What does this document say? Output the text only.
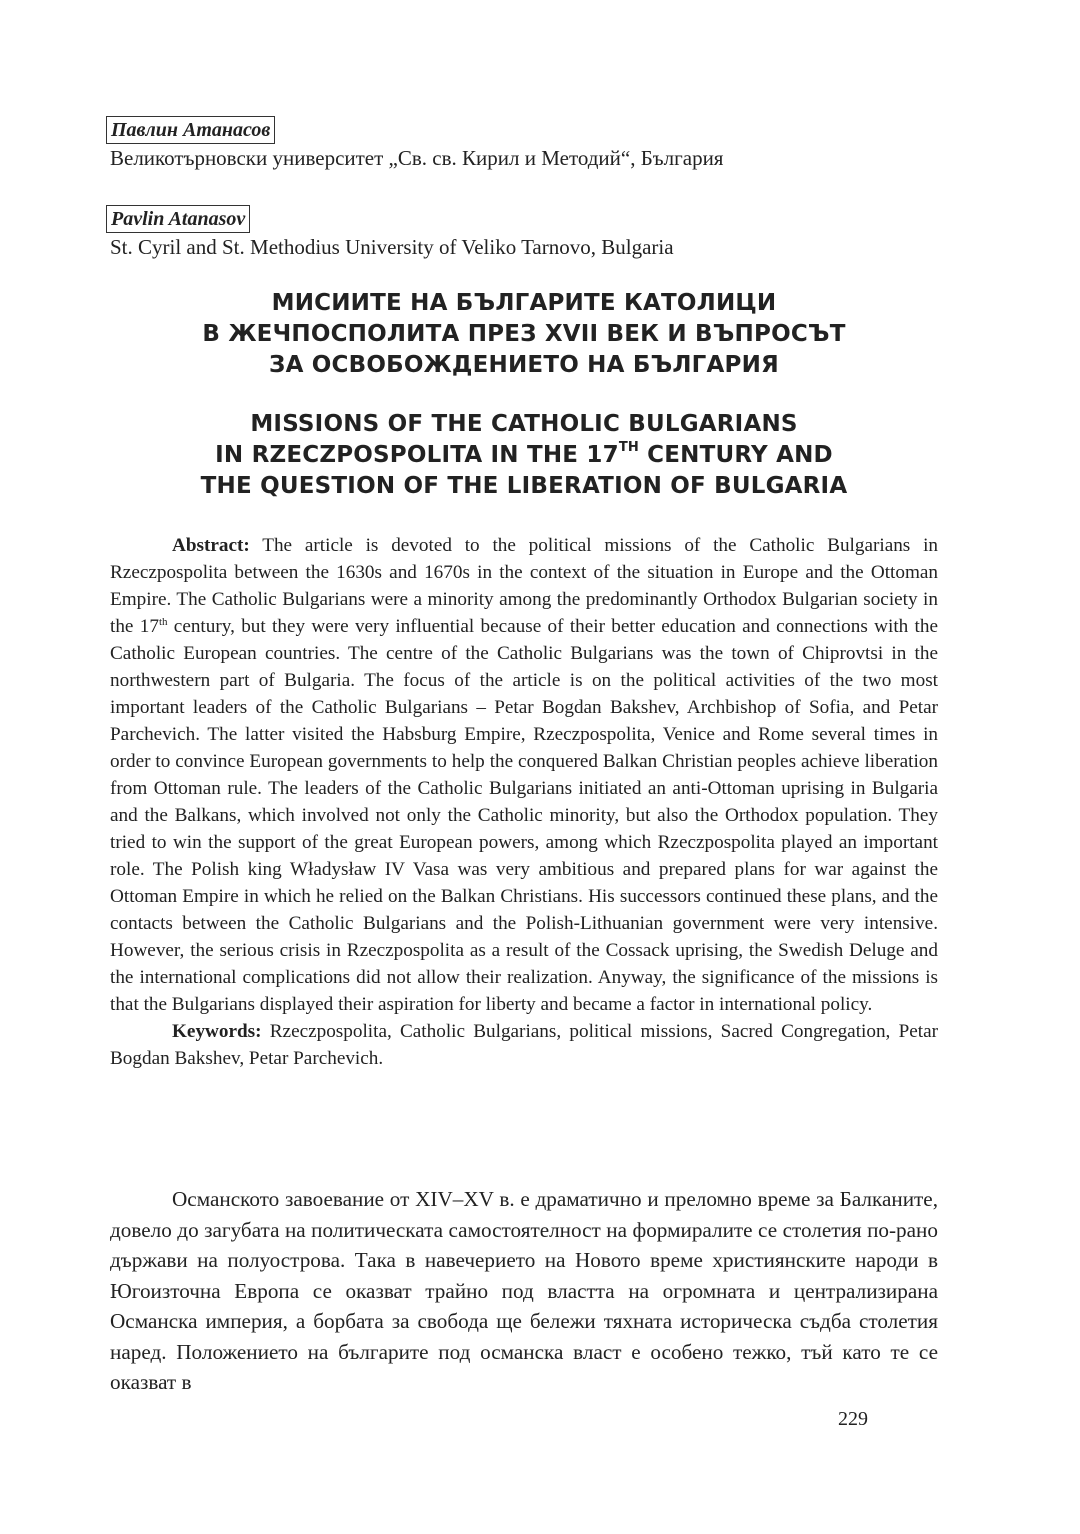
Павлин Атанасов
Великотърновски университет „Св. св. Кирил и Методий“, България
Pavlin Atanasov
St. Cyril and St. Methodius University of Veliko Tarnovo, Bulgaria
МИСИИТЕ НА БЪЛГАРИТЕ КАТОЛИЦИ
В ЖЕЧПОСПОЛИТА ПРЕЗ XVII ВЕК И ВЪПРОСЪТ
ЗА ОСВОБОЖДЕНИЕТО НА БЪЛГАРИЯ
MISSIONS OF THE CATHOLIC BULGARIANS
IN RZECZPOSPOLITA IN THE 17TH CENTURY AND
THE QUESTION OF THE LIBERATION OF BULGARIA

Abstract: The article is devoted to the political missions of the Catholic Bulgarians in Rzeczpospolita between the 1630s and 1670s in the context of the situation in Europe and the Ottoman Empire. The Catholic Bulgarians were a minority among the predominantly Orthodox Bulgarian society in the 17th century, but they were very influential because of their better education and connections with the Catholic European countries. The centre of the Catholic Bulgarians was the town of Chiprovtsi in the northwestern part of Bulgaria. The focus of the article is on the political activities of the two most important leaders of the Catholic Bulgarians – Petar Bogdan Bakshev, Archbishop of Sofia, and Petar Parchevich. The latter visited the Habsburg Empire, Rzeczpospolita, Venice and Rome several times in order to convince European governments to help the conquered Balkan Christian peoples achieve liberation from Ottoman rule. The leaders of the Catholic Bulgarians initiated an anti-Ottoman uprising in Bulgaria and the Balkans, which involved not only the Catholic minority, but also the Orthodox population. They tried to win the support of the great European powers, among which Rzeczpospolita played an important role. The Polish king Władysław IV Vasa was very ambitious and prepared plans for war against the Ottoman Empire in which he relied on the Balkan Christians. His successors continued these plans, and the contacts between the Catholic Bulgarians and the Polish-Lithuanian government were very intensive. However, the serious crisis in Rzeczpospolita as a result of the Cossack uprising, the Swedish Deluge and the international complications did not allow their realization. Anyway, the significance of the missions is that the Bulgarians displayed their aspiration for liberty and became a factor in international policy.

Keywords: Rzeczpospolita, Catholic Bulgarians, political missions, Sacred Congregation, Petar Bogdan Bakshev, Petar Parchevich.

Османското завоевание от XIV–XV в. е драматично и преломно време за Балканите, довело до загубата на политическата самостоятелност на формиралите се столетия по-рано държави на полуострова. Така в навечерието на Новото време християнските народи в Югоизточна Европа се оказват трайно под властта на огромната и централизирана Османска империя, а борбата за свобода ще бележи тяхната историческа съдба столетия наред. Положението на българите под османска власт е особено тежко, тъй като те се оказват в

229
